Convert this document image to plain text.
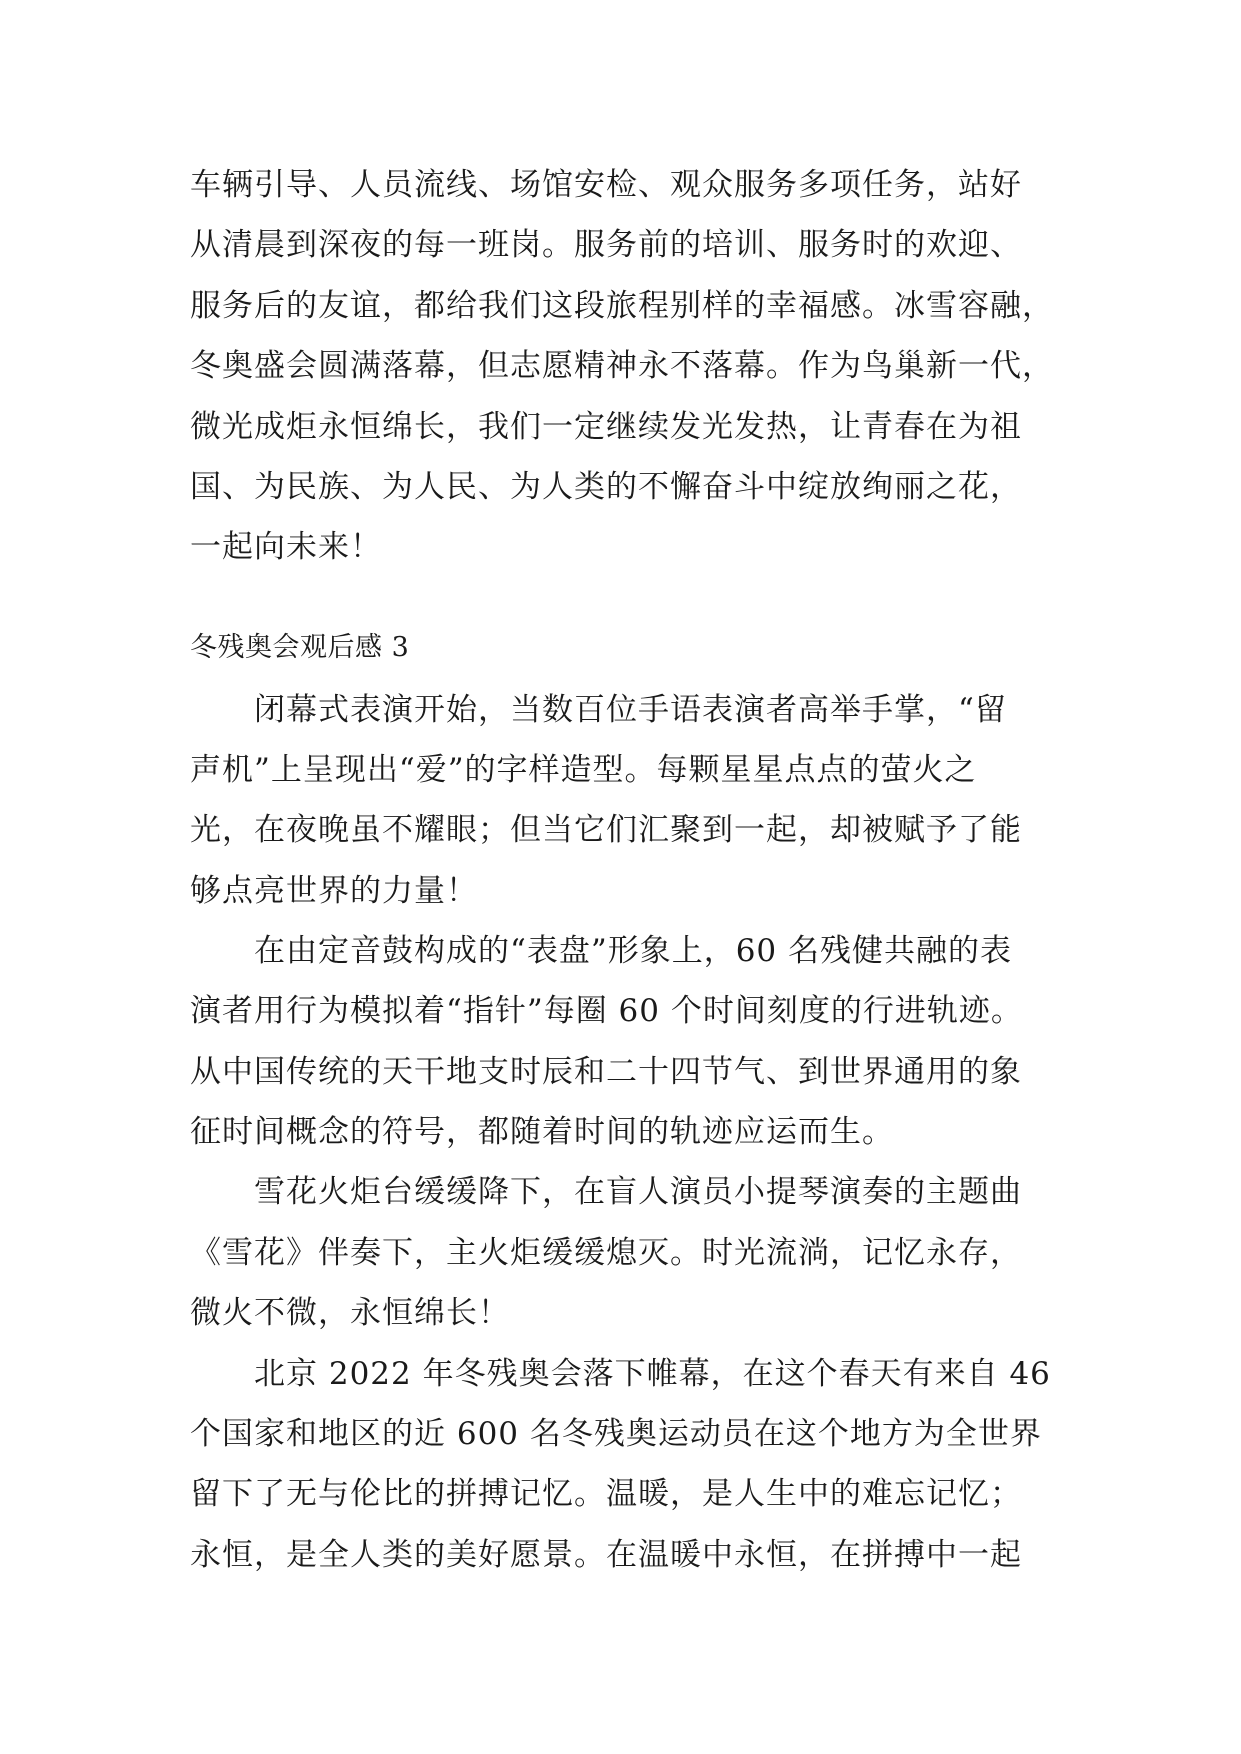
车辆引导、人员流线、场馆安检、观众服务多项任务，站好
从清晨到深夜的每一班岗。服务前的培训、服务时的欢迎、
服务后的友谊，都给我们这段旅程别样的幸福感。冰雪容融，
冬奥盛会圆满落幕，但志愿精神永不落幕。作为鸟巢新一代，
微光成炬永恒绵长，我们一定继续发光发热，让青春在为祖
国、为民族、为人民、为人类的不懈奋斗中绽放绚丽之花，
一起向未来！
冬残奥会观后感 3
　　闭幕式表演开始，当数百位手语表演者高举手掌，“留
声机”上呈现出“爱”的字样造型。每颗星星点点的萤火之
光，在夜晚虽不耀眼；但当它们汇聚到一起，却被赋予了能
够点亮世界的力量！
　　在由定音鼓构成的“表盘”形象上，60 名残健共融的表
演者用行为模拟着“指针”每圈 60 个时间刻度的行进轨迹。
从中国传统的天干地支时辰和二十四节气、到世界通用的象
征时间概念的符号，都随着时间的轨迹应运而生。
　　雪花火炬台缓缓降下，在盲人演员小提琴演奏的主题曲
《雪花》伴奏下，主火炬缓缓熄灭。时光流淌，记忆永存，
微火不微，永恒绵长！
　　北京 2022 年冬残奥会落下帷幕，在这个春天有来自 46
个国家和地区的近 600 名冬残奥运动员在这个地方为全世界
留下了无与伦比的拼搏记忆。温暖，是人生中的难忘记忆；
永恒，是全人类的美好愿景。在温暖中永恒，在拼搏中一起
